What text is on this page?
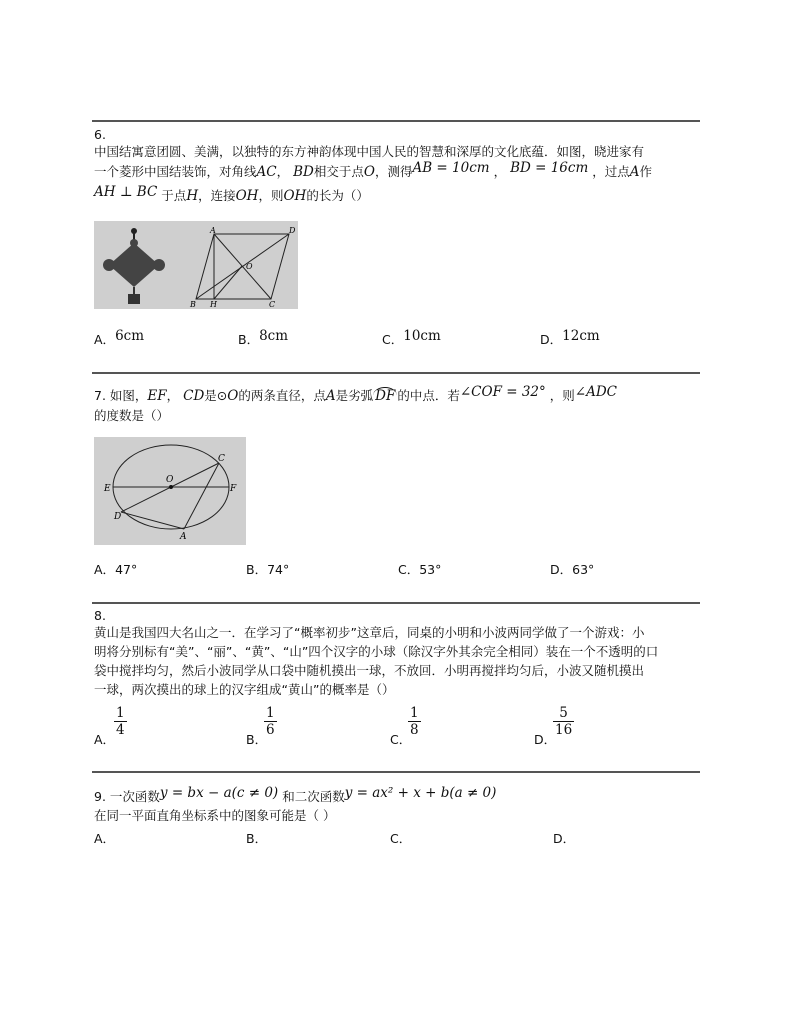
6.
中国结寓意团圆、美满，以独特的东方神韵体现中国人民的智慧和深厚的文化底蕴．如图，晓进家有
一个菱形中国结装饰，对角线AC， BD相交于点O，测得AB = 10cm ， BD = 16cm ，过点A作
AH ⊥ BC 于点H，连接OH，则OH的长为（）
A	D
O
B H	C
A．6cm	B．8cm	C．10cm	D．12cm
7. 如图，EF， CD是⊙O的两条直径，点A是劣弧 DF 的中点．若∠COF = 32° ，则∠ADC
的度数是（）
C
O
E	F
D
A
A．47°	B．74°	C．53°	D．63°
8.
黄山是我国四大名山之一．在学习了“概率初步”这章后，同桌的小明和小波两同学做了一个游戏：小
明将分别标有“美”、“丽”、“黄”、“山”四个汉字的小球（除汉字外其余完全相同）装在一个不透明的口
袋中搅拌均匀，然后小波同学从口袋中随机摸出一球，不放回．小明再搅拌均匀后，小波又随机摸出
一球，两次摸出的球上的汉字组成“黄山”的概率是（）
A．
$\frac{1}{4}$
B．
$\frac{1}{6}$
C．
$\frac{1}{8}$
D．
$\frac{5}{16}$
9. 一次函数y = bx − a(c ≠ 0) 和二次函数y = ax² + x + b(a ≠ 0)
在同一平面直角坐标系中的图象可能是（ ）
A．	B．	C．	D．
